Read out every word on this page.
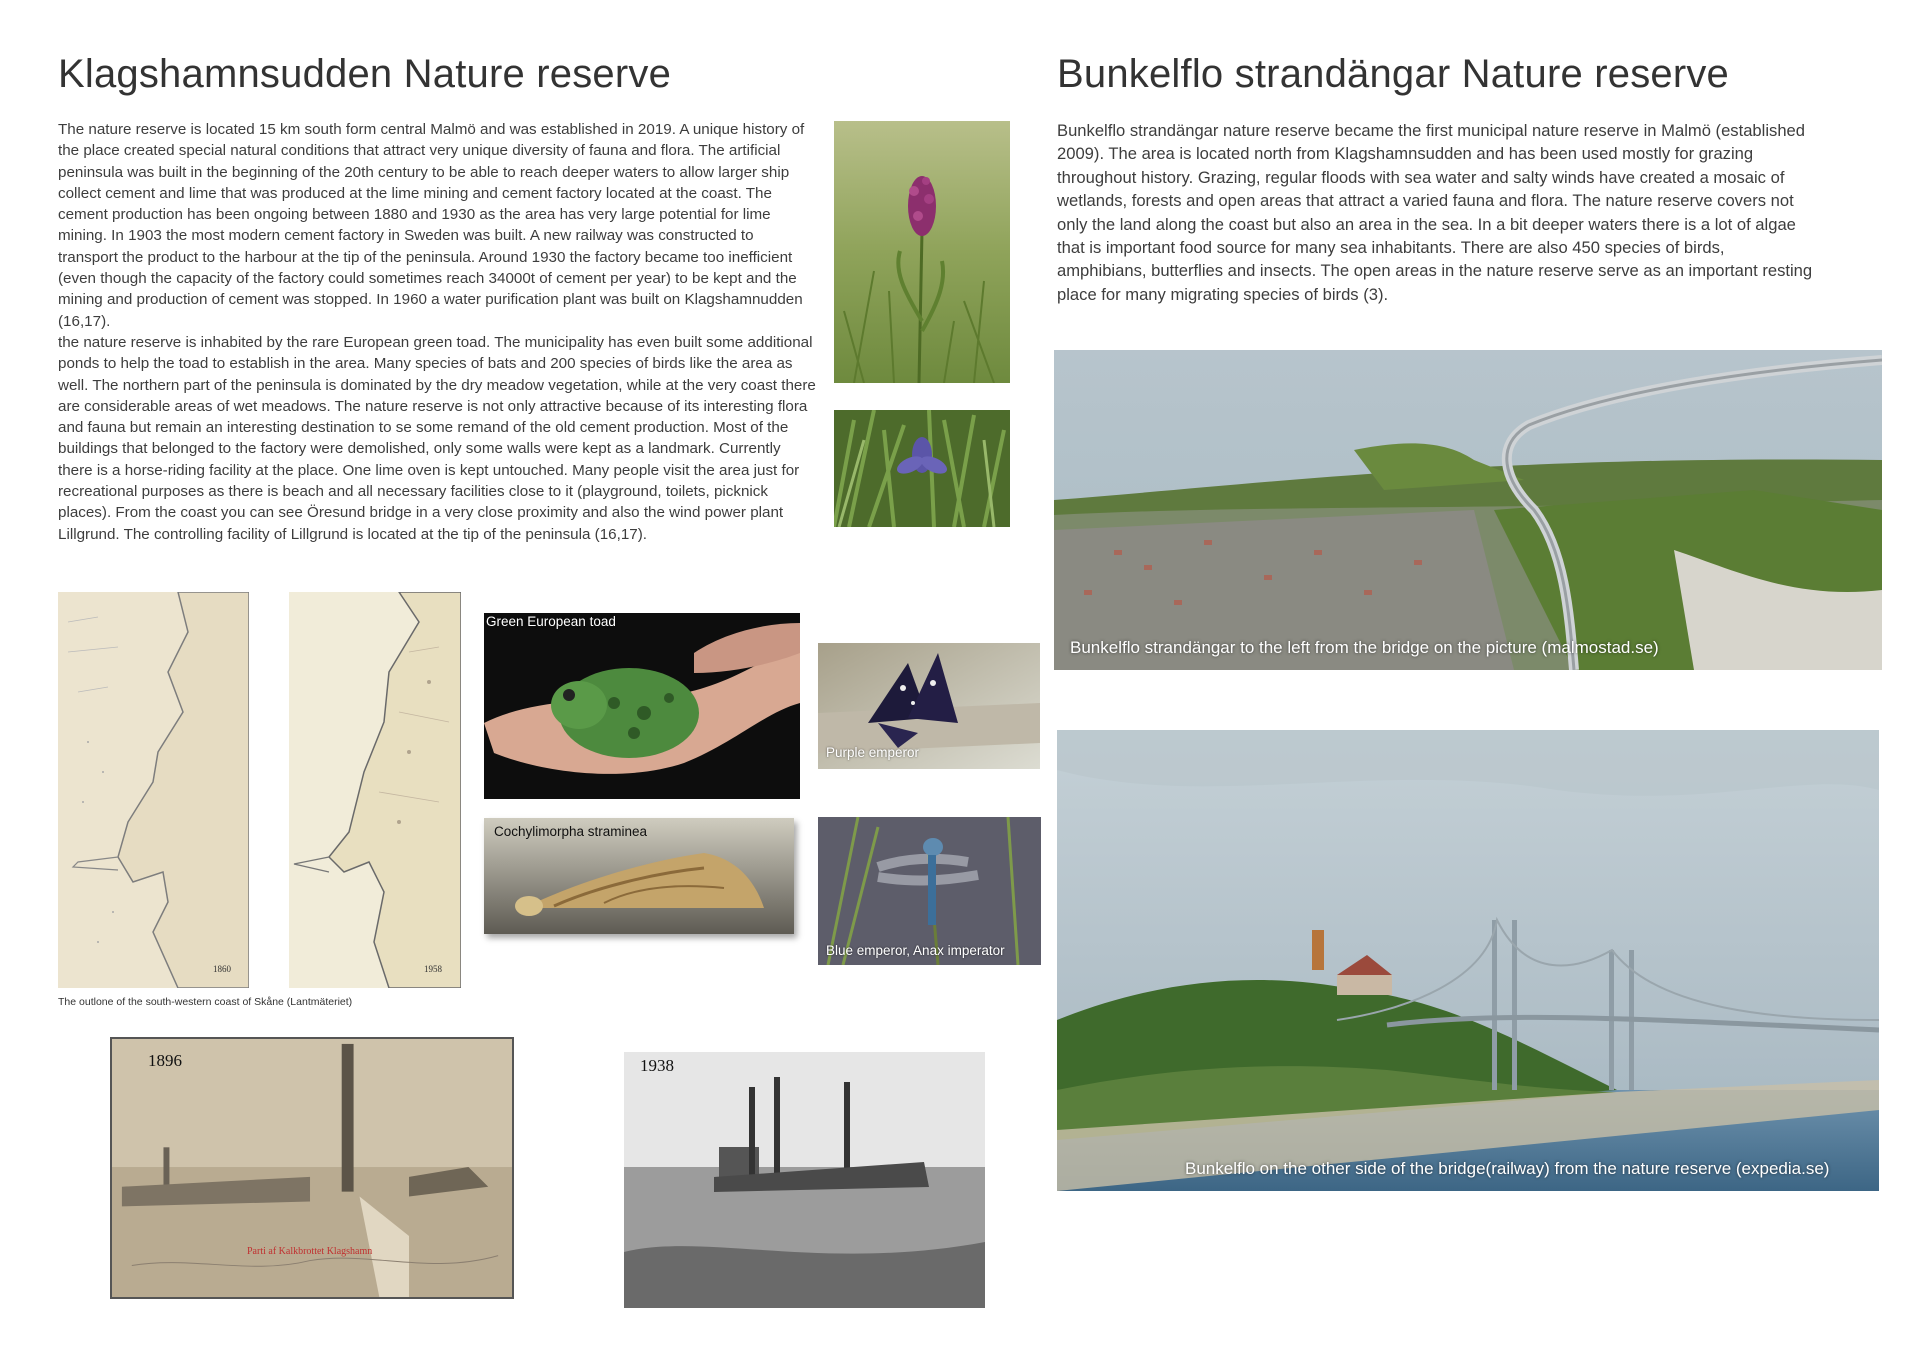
Klagshamnsudden Nature reserve

The nature reserve is located 15 km south form central Malmö and was established in 2019. A unique history of the place created special natural conditions that attract very unique diversity of fauna and flora. The artificial peninsula was built in the beginning of the 20th century to be able to reach deeper waters to allow larger ship collect cement and lime that was produced at the lime mining and cement factory located at the coast. The cement production has been ongoing between 1880 and 1930 as the area has very large potential for lime mining. In 1903 the most modern cement factory in Sweden was built. A new railway was constructed to transport the product to the harbour at the tip of the peninsula. Around 1930 the factory became too inefficient (even though the capacity of the factory could sometimes reach 34000t of cement per year) to be kept and the mining and production of cement was stopped. In 1960 a water purification plant was built on Klagshamnudden (16,17).

the nature reserve is inhabited by the rare European green toad. The municipality has even built some additional ponds to help the toad to establish in the area. Many species of bats and 200 species of birds like the area as well. The northern part of the peninsula is dominated by the dry meadow vegetation, while at the very coast there are considerable areas of wet meadows. The nature reserve is not only attractive because of its interesting flora and fauna but remain an interesting destination to se some remand of the old cement production. Most of the buildings that belonged to the factory were demolished, only some walls were kept as a landmark. Currently there is a horse-riding facility at the place. One lime oven is kept untouched. Many people visit the area just for recreational purposes as there is beach and all necessary facilities close to it (playground, toilets, picknick places). From the coast you can see Öresund bridge in a very close proximity and also the wind power plant Lillgrund. The controlling facility of Lillgrund is located at the tip of the peninsula (16,17).

1860	1958
The outlone of the south-western coast of Skåne (Lantmäteriet)
Green European toad
Purple emperor
Cochylimorpha straminea
Blue emperor, Anax imperator
1896
Parti af Kalkbrottet Klagshamn
1938
Bunkelflo strandängar Nature reserve
Bunkelflo strandängar nature reserve became the first municipal nature reserve in Malmö (established 2009). The area is located north from Klagshamnsudden and has been used mostly for grazing throughout history. Grazing, regular floods with sea water and salty winds have created a mosaic of wetlands, forests and open areas that attract a varied fauna and flora. The nature reserve covers not only the land along the coast but also an area in the sea. In a bit deeper waters there is a lot of algae that is important food source for many sea inhabitants. There are also 450 species of birds, amphibians, butterflies and insects. The open areas in the nature reserve serve as an important resting place for many migrating species of birds (3).
Bunkelflo strandängar to the left from the bridge on the picture (malmostad.se)
Bunkelflo on the other side of the bridge(railway) from the nature reserve (expedia.se)
